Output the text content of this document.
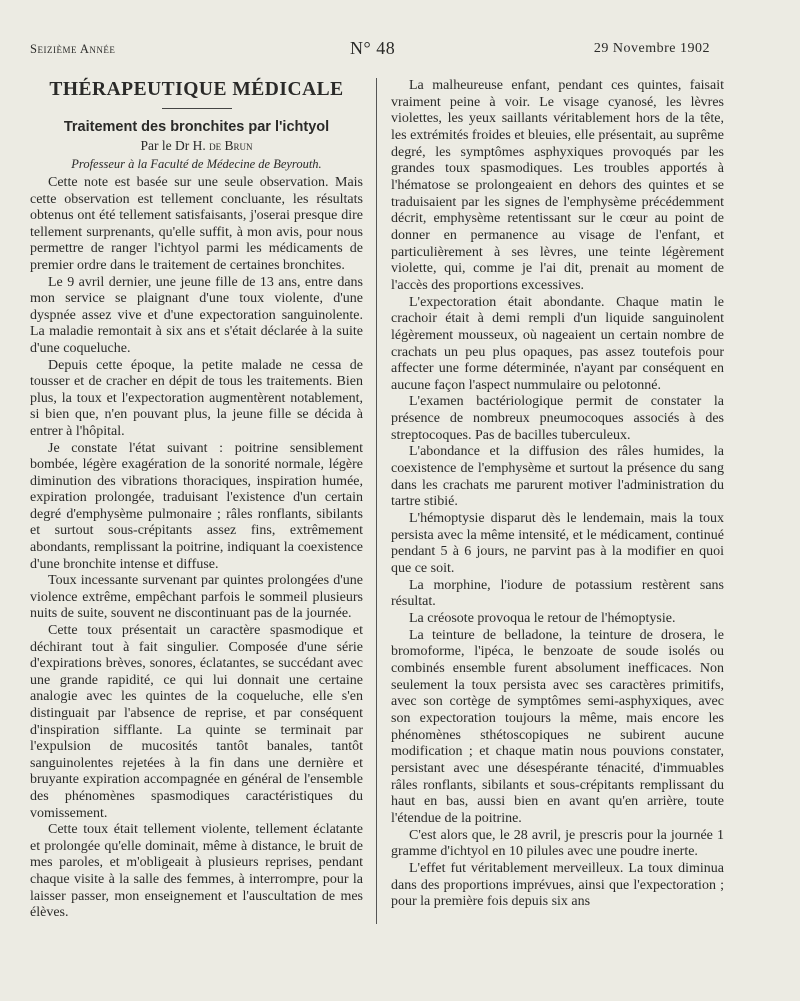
Seizième Année	N° 48	29 Novembre 1902
THÉRAPEUTIQUE MÉDICALE
Traitement des bronchites par l'ichtyol
Par le Dr H. de Brun
Professeur à la Faculté de Médecine de Beyrouth.

Cette note est basée sur une seule observation. Mais cette observation est tellement concluante, les résultats obtenus ont été tellement satisfaisants, j'oserai presque dire tellement surprenants, qu'elle suffit, à mon avis, pour nous permettre de ranger l'ichtyol parmi les médicaments de premier ordre dans le traitement de certaines bronchites.

Le 9 avril dernier, une jeune fille de 13 ans, entre dans mon service se plaignant d'une toux violente, d'une dyspnée assez vive et d'une expectoration sanguinolente. La maladie remontait à six ans et s'était déclarée à la suite d'une coqueluche.

Depuis cette époque, la petite malade ne cessa de tousser et de cracher en dépit de tous les traitements. Bien plus, la toux et l'expectoration augmentèrent notablement, si bien que, n'en pouvant plus, la jeune fille se décida à entrer à l'hôpital.

Je constate l'état suivant : poitrine sensiblement bombée, légère exagération de la sonorité normale, légère diminution des vibrations thoraciques, inspiration humée, expiration prolongée, traduisant l'existence d'un certain degré d'emphysème pulmonaire ; râles ronflants, sibilants et surtout sous-crépitants assez fins, extrêmement abondants, remplissant la poitrine, indiquant la coexistence d'une bronchite intense et diffuse.

Toux incessante survenant par quintes prolongées d'une violence extrême, empêchant parfois le sommeil plusieurs nuits de suite, souvent ne discontinuant pas de la journée.

Cette toux présentait un caractère spasmodique et déchirant tout à fait singulier. Composée d'une série d'expirations brèves, sonores, éclatantes, se succédant avec une grande rapidité, ce qui lui donnait une certaine analogie avec les quintes de la coqueluche, elle s'en distinguait par l'absence de reprise, et par conséquent d'inspiration sifflante. La quinte se terminait par l'expulsion de mucosités tantôt banales, tantôt sanguinolentes rejetées à la fin dans une dernière et bruyante expiration accompagnée en général de l'ensemble des phénomènes spasmodiques caractéristiques du vomissement.

Cette toux était tellement violente, tellement éclatante et prolongée qu'elle dominait, même à distance, le bruit de mes paroles, et m'obligeait à plusieurs reprises, pendant chaque visite à la salle des femmes, à interrompre, pour la laisser passer, mon enseignement et l'auscultation de mes élèves.

La malheureuse enfant, pendant ces quintes, faisait vraiment peine à voir. Le visage cyanosé, les lèvres violettes, les yeux saillants véritablement hors de la tête, les extrémités froides et bleuies, elle présentait, au suprême degré, les symptômes asphyxiques provoqués par les grandes toux spasmodiques. Les troubles apportés à l'hématose se prolongeaient en dehors des quintes et se traduisaient par les signes de l'emphysème précédemment décrit, emphysème retentissant sur le cœur au point de donner en permanence au visage de l'enfant, et particulièrement à ses lèvres, une teinte légèrement violette, qui, comme je l'ai dit, prenait au moment de l'accès des proportions excessives.

L'expectoration était abondante. Chaque matin le crachoir était à demi rempli d'un liquide sanguinolent légèrement mousseux, où nageaient un certain nombre de crachats un peu plus opaques, pas assez toutefois pour affecter une forme déterminée, n'ayant par conséquent en aucune façon l'aspect nummulaire ou pelotonné.

L'examen bactériologique permit de constater la présence de nombreux pneumocoques associés à des streptocoques. Pas de bacilles tuberculeux.

L'abondance et la diffusion des râles humides, la coexistence de l'emphysème et surtout la présence du sang dans les crachats me parurent motiver l'administration du tartre stibié.

L'hémoptysie disparut dès le lendemain, mais la toux persista avec la même intensité, et le médicament, continué pendant 5 à 6 jours, ne parvint pas à la modifier en quoi que ce soit.

La morphine, l'iodure de potassium restèrent sans résultat.

La créosote provoqua le retour de l'hémoptysie.

La teinture de belladone, la teinture de drosera, le bromoforme, l'ipéca, le benzoate de soude isolés ou combinés ensemble furent absolument inefficaces. Non seulement la toux persista avec ses caractères primitifs, avec son cortège de symptômes semi-asphyxiques, avec son expectoration toujours la même, mais encore les phénomènes sthétoscopiques ne subirent aucune modification ; et chaque matin nous pouvions constater, persistant avec une désespérante ténacité, d'immuables râles ronflants, sibilants et sous-crépitants remplissant du haut en bas, aussi bien en avant qu'en arrière, toute l'étendue de la poitrine.

C'est alors que, le 28 avril, je prescris pour la journée 1 gramme d'ichtyol en 10 pilules avec une poudre inerte.

L'effet fut véritablement merveilleux. La toux diminua dans des proportions imprévues, ainsi que l'expectoration ; pour la première fois depuis six ans
